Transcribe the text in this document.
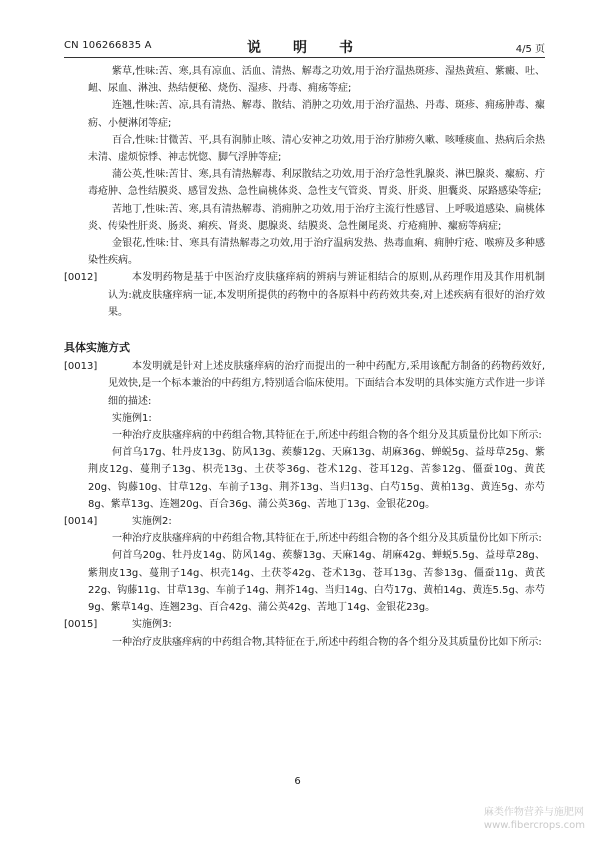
CN 106266835 A	说　明　书	4/5 页

紫草,性味:苦、寒,具有凉血、活血、清热、解毒之功效,用于治疗温热斑疹、湿热黄疸、紫癜、吐、衄、尿血、淋浊、热结便秘、烧伤、湿疹、丹毒、痈疡等症;

连翘,性味:苦、凉,具有清热、解毒、散结、消肿之功效,用于治疗温热、丹毒、斑疹、痈疡肿毒、瘰疬、小便淋闭等症;

百合,性味:甘微苦、平,具有润肺止咳、清心安神之功效,用于治疗肺痨久嗽、咳唾痰血、热病后余热未清、虚烦惊悸、神志恍惚、脚气浮肿等症;

蒲公英,性味:苦甘、寒,具有清热解毒、利尿散结之功效,用于治疗急性乳腺炎、淋巴腺炎、瘰疬、疔毒疮肿、急性结膜炎、感冒发热、急性扁桃体炎、急性支气管炎、胃炎、肝炎、胆囊炎、尿路感染等症;

苦地丁,性味:苦、寒,具有清热解毒、消痈肿之功效,用于治疗主流行性感冒、上呼吸道感染、扁桃体炎、传染性肝炎、肠炎、痢疾、肾炎、腮腺炎、结膜炎、急性阑尾炎、疔疮痈肿、瘰疬等病症;

金银花,性味:甘、寒具有清热解毒之功效,用于治疗温病发热、热毒血痢、痈肿疔疮、喉痹及多种感染性疾病。

[0012]	本发明药物是基于中医治疗皮肤瘙痒病的辨病与辨证相结合的原则,从药理作用及其作用机制认为:就皮肤瘙痒病一证,本发明所提供的药物中的各原料中药药效共奏,对上述疾病有很好的治疗效果。

具体实施方式
[0013]	本发明就是针对上述皮肤瘙痒病的治疗而提出的一种中药配方,采用该配方制备的药物药效好,见效快,是一个标本兼治的中药组方,特别适合临床使用。下面结合本发明的具体实施方式作进一步详细的描述:

实施例1:

一种治疗皮肤瘙痒病的中药组合物,其特征在于,所述中药组合物的各个组分及其质量份比如下所示:

何首乌17g、牡丹皮13g、防风13g、蒺藜12g、天麻13g、胡麻36g、蝉蜕5g、益母草25g、紫荆皮12g、蔓荆子13g、枳壳13g、土茯苓36g、苍术12g、苍耳12g、苦参12g、僵蚕10g、黄芪20g、钩藤10g、甘草12g、车前子13g、荆芥13g、当归13g、白芍15g、黄柏13g、黄连5g、赤芍8g、紫草13g、连翘20g、百合36g、蒲公英36g、苦地丁13g、金银花20g。

[0014]	实施例2:

一种治疗皮肤瘙痒病的中药组合物,其特征在于,所述中药组合物的各个组分及其质量份比如下所示:

何首乌20g、牡丹皮14g、防风14g、蒺藜13g、天麻14g、胡麻42g、蝉蜕5.5g、益母草28g、紫荆皮13g、蔓荆子14g、枳壳14g、土茯苓42g、苍术13g、苍耳13g、苦参13g、僵蚕11g、黄芪22g、钩藤11g、甘草13g、车前子14g、荆芥14g、当归14g、白芍17g、黄柏14g、黄连5.5g、赤芍9g、紫草14g、连翘23g、百合42g、蒲公英42g、苦地丁14g、金银花23g。

[0015]	实施例3:

一种治疗皮肤瘙痒病的中药组合物,其特征在于,所述中药组合物的各个组分及其质量份比如下所示:

6
麻类作物营养与施肥网
www.fibercrops.com
